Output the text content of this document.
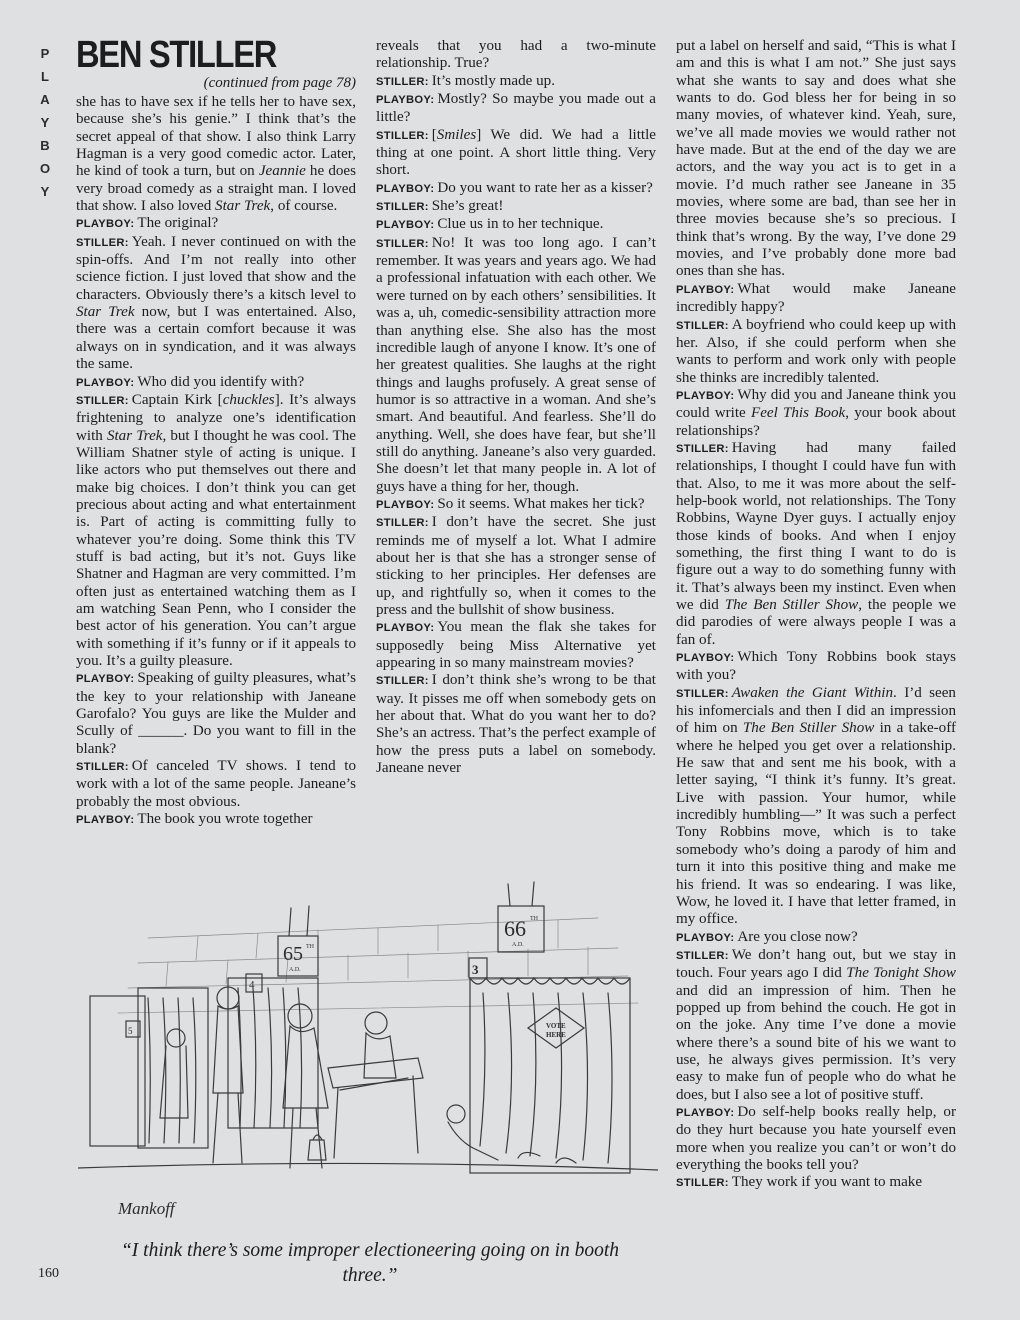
P
L
A
Y
B
O
Y
BEN STILLER

(continued from page 78)

she has to have sex if he tells her to have sex, because she’s his genie.” I think that’s the secret appeal of that show. I also think Larry Hagman is a very good comedic actor. Later, he kind of took a turn, but on Jeannie he does very broad comedy as a straight man. I loved that show. I also loved Star Trek, of course.

PLAYBOY: The original?

STILLER: Yeah. I never continued on with the spin-offs. And I’m not really into other science fiction. I just loved that show and the characters. Obviously there’s a kitsch level to Star Trek now, but I was entertained. Also, there was a certain comfort because it was always on in syndication, and it was always the same.

PLAYBOY: Who did you identify with?

STILLER: Captain Kirk [chuckles]. It’s always frightening to analyze one’s identification with Star Trek, but I thought he was cool. The William Shatner style of acting is unique. I like actors who put themselves out there and make big choices. I don’t think you can get precious about acting and what entertainment is. Part of acting is committing fully to whatever you’re doing. Some think this TV stuff is bad acting, but it’s not. Guys like Shatner and Hagman are very committed. I’m often just as entertained watching them as I am watching Sean Penn, who I consider the best actor of his generation. You can’t argue with something if it’s funny or if it appeals to you. It’s a guilty pleasure.

PLAYBOY: Speaking of guilty pleasures, what’s the key to your relationship with Janeane Garofalo? You guys are like the Mulder and Scully of ______. Do you want to fill in the blank?

STILLER: Of canceled TV shows. I tend to work with a lot of the same people. Janeane’s probably the most obvious.

PLAYBOY: The book you wrote together

reveals that you had a two-minute relationship. True?

STILLER: It’s mostly made up.

PLAYBOY: Mostly? So maybe you made out a little?

STILLER: [Smiles] We did. We had a little thing at one point. A short little thing. Very short.

PLAYBOY: Do you want to rate her as a kisser?

STILLER: She’s great!

PLAYBOY: Clue us in to her technique.

STILLER: No! It was too long ago. I can’t remember. It was years and years ago. We had a professional infatuation with each other. We were turned on by each others’ sensibilities. It was a, uh, comedic-sensibility attraction more than anything else. She also has the most incredible laugh of anyone I know. It’s one of her greatest qualities. She laughs at the right things and laughs profusely. A great sense of humor is so attractive in a woman. And she’s smart. And beautiful. And fearless. She’ll do anything. Well, she does have fear, but she’ll still do anything. Janeane’s also very guarded. She doesn’t let that many people in. A lot of guys have a thing for her, though.

PLAYBOY: So it seems. What makes her tick?

STILLER: I don’t have the secret. She just reminds me of myself a lot. What I admire about her is that she has a stronger sense of sticking to her principles. Her defenses are up, and rightfully so, when it comes to the press and the bullshit of show business.

PLAYBOY: You mean the flak she takes for supposedly being Miss Alternative yet appearing in so many mainstream movies?

STILLER: I don’t think she’s wrong to be that way. It pisses me off when somebody gets on her about that. What do you want her to do? She’s an actress. That’s the perfect example of how the press puts a label on somebody. Janeane never

put a label on herself and said, “This is what I am and this is what I am not.” She just says what she wants to say and does what she wants to do. God bless her for being in so many movies, of whatever kind. Yeah, sure, we’ve all made movies we would rather not have made. But at the end of the day we are actors, and the way you act is to get in a movie. I’d much rather see Janeane in 35 movies, where some are bad, than see her in three movies because she’s so precious. I think that’s wrong. By the way, I’ve done 29 movies, and I’ve probably done more bad ones than she has.

PLAYBOY: What would make Janeane incredibly happy?

STILLER: A boyfriend who could keep up with her. Also, if she could perform when she wants to perform and work only with people she thinks are incredibly talented.

PLAYBOY: Why did you and Janeane think you could write Feel This Book, your book about relationships?

STILLER: Having had many failed relationships, I thought I could have fun with that. Also, to me it was more about the self-help-book world, not relationships. The Tony Robbins, Wayne Dyer guys. I actually enjoy those kinds of books. And when I enjoy something, the first thing I want to do is figure out a way to do something funny with it. That’s always been my instinct. Even when we did The Ben Stiller Show, the people we did parodies of were always people I was a fan of.

PLAYBOY: Which Tony Robbins book stays with you?

STILLER: Awaken the Giant Within. I’d seen his infomercials and then I did an impression of him on The Ben Stiller Show in a take-off where he helped you get over a relationship. He saw that and sent me his book, with a letter saying, “I think it’s funny. It’s great. Live with passion. Your humor, while incredibly humbling—” It was such a perfect Tony Robbins move, which is to take somebody who’s doing a parody of him and turn it into this positive thing and make me his friend. It was so endearing. I was like, Wow, he loved it. I have that letter framed, in my office.

PLAYBOY: Are you close now?

STILLER: We don’t hang out, but we stay in touch. Four years ago I did The Tonight Show and did an impression of him. Then he popped up from behind the couch. He got in on the joke. Any time I’ve done a movie where there’s a sound bite of his we want to use, he always gives permission. It’s very easy to make fun of people who do what he does, but I also see a lot of positive stuff.

PLAYBOY: Do self-help books really help, or do they hurt because you hate yourself even more when you realize you can’t or won’t do everything the books tell you?

STILLER: They work if you want to make

5
4
3
65 TH
A.D.
66 TH
A.D.
VOTE
HERE
Mankoff

“I think there’s some improper electioneering going on in booth three.”

160
